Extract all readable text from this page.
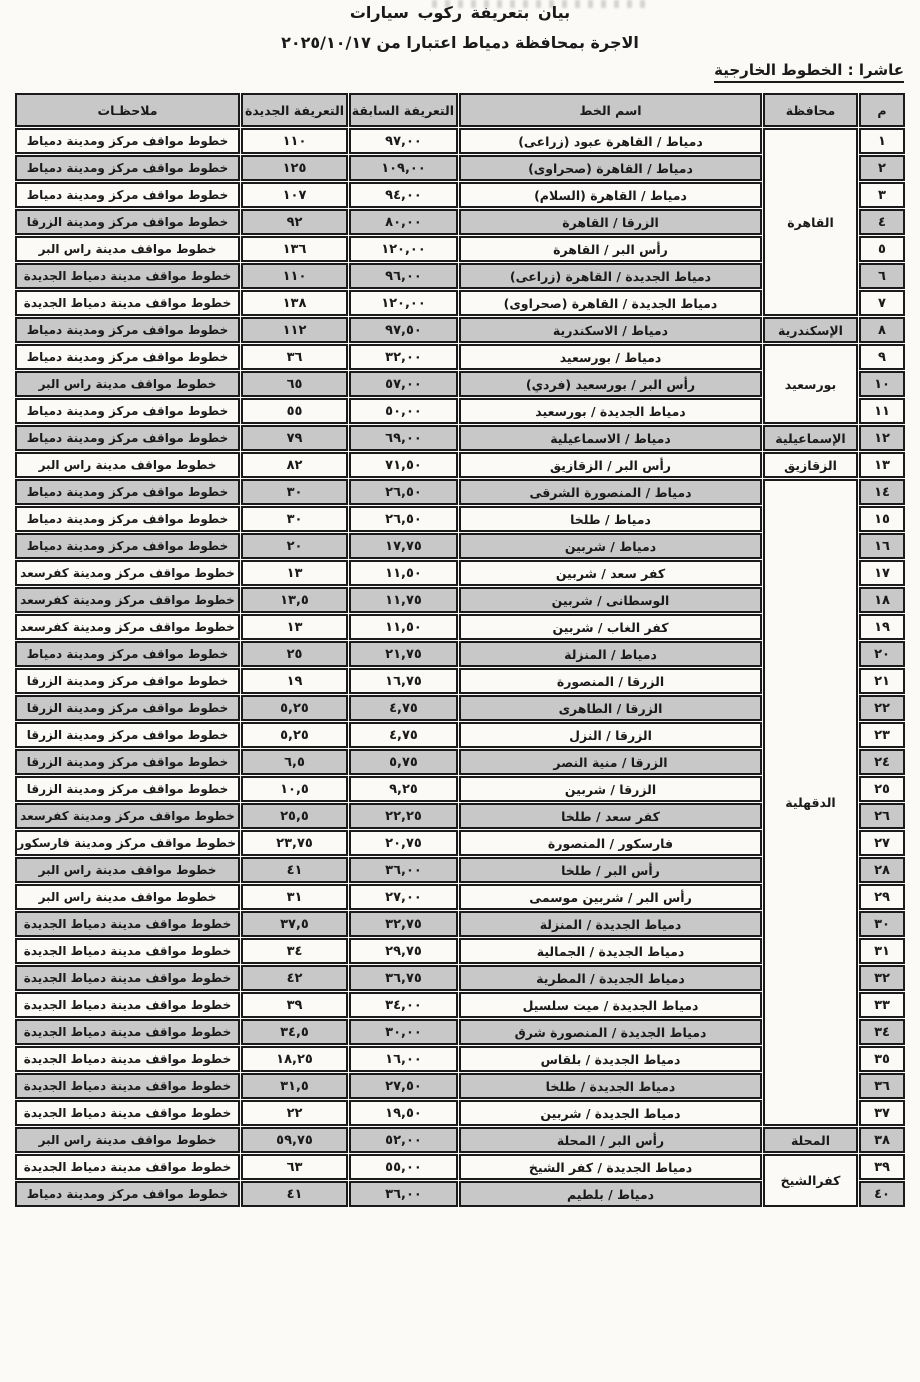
بيان بتعريفة ركوب سيارات
الاجرة بمحافظة دمياط اعتبارا من ٢٠٢٥/١٠/١٧
عاشرا : الخطوط الخارجية
م	محافظة	اسم الخط	التعريفة السابقة	التعريفة الجديدة	ملاحظـات
١	القاهرة	دمياط / القاهرة عبود (زراعى)	٩٧,٠٠	١١٠	خطوط مواقف مركز ومدينة دمياط
٢		دمياط / القاهرة (صحراوى)	١٠٩,٠٠	١٢٥	خطوط مواقف مركز ومدينة دمياط
٣		دمياط / القاهرة (السلام)	٩٤,٠٠	١٠٧	خطوط مواقف مركز ومدينة دمياط
٤		الزرقا / القاهرة	٨٠,٠٠	٩٢	خطوط مواقف مركز ومدينة الزرقا
٥		رأس البر / القاهرة	١٢٠,٠٠	١٣٦	خطوط مواقف مدينة راس البر
٦		دمياط الجديدة / القاهرة (زراعى)	٩٦,٠٠	١١٠	خطوط مواقف مدينة دمياط الجديدة
٧		دمياط الجديدة / القاهرة (صحراوى)	١٢٠,٠٠	١٣٨	خطوط مواقف مدينة دمياط الجديدة
٨	الإسكندرية	دمياط / الاسكندرية	٩٧,٥٠	١١٢	خطوط مواقف مركز ومدينة دمياط
٩	بورسعيد	دمياط / بورسعيد	٣٢,٠٠	٣٦	خطوط مواقف مركز ومدينة دمياط
١٠		رأس البر / بورسعيد (فردي)	٥٧,٠٠	٦٥	خطوط مواقف مدينة راس البر
١١		دمياط الجديدة / بورسعيد	٥٠,٠٠	٥٥	خطوط مواقف مركز ومدينة دمياط
١٢	الإسماعيلية	دمياط / الاسماعيلية	٦٩,٠٠	٧٩	خطوط مواقف مركز ومدينة دمياط
١٣	الزقازيق	رأس البر / الزقازيق	٧١,٥٠	٨٢	خطوط مواقف مدينة راس البر
١٤	الدقهلية	دمياط / المنصورة الشرقى	٢٦,٥٠	٣٠	خطوط مواقف مركز ومدينة دمياط
١٥		دمياط / طلخا	٢٦,٥٠	٣٠	خطوط مواقف مركز ومدينة دمياط
١٦		دمياط / شربين	١٧,٧٥	٢٠	خطوط مواقف مركز ومدينة دمياط
١٧		كفر سعد / شربين	١١,٥٠	١٣	خطوط مواقف مركز ومدينة كفرسعد
١٨		الوسطانى / شربين	١١,٧٥	١٣,٥	خطوط مواقف مركز ومدينة كفرسعد
١٩		كفر الغاب / شربين	١١,٥٠	١٣	خطوط مواقف مركز ومدينة كفرسعد
٢٠		دمياط / المنزلة	٢١,٧٥	٢٥	خطوط مواقف مركز ومدينة دمياط
٢١		الزرقا / المنصورة	١٦,٧٥	١٩	خطوط مواقف مركز ومدينة الزرقا
٢٢		الزرقا / الطاهرى	٤,٧٥	٥,٢٥	خطوط مواقف مركز ومدينة الزرقا
٢٣		الزرقا / النزل	٤,٧٥	٥,٢٥	خطوط مواقف مركز ومدينة الزرقا
٢٤		الزرقا / منية النصر	٥,٧٥	٦,٥	خطوط مواقف مركز ومدينة الزرقا
٢٥		الزرقا / شربين	٩,٢٥	١٠,٥	خطوط مواقف مركز ومدينة الزرقا
٢٦		كفر سعد / طلخا	٢٢,٢٥	٢٥,٥	خطوط مواقف مركز ومدينة كفرسعد
٢٧		فارسكور / المنصورة	٢٠,٧٥	٢٣,٧٥	خطوط مواقف مركز ومدينة فارسكور
٢٨		رأس البر / طلخا	٣٦,٠٠	٤١	خطوط مواقف مدينة راس البر
٢٩		رأس البر / شربين موسمى	٢٧,٠٠	٣١	خطوط مواقف مدينة راس البر
٣٠		دمياط الجديدة / المنزلة	٣٢,٧٥	٣٧,٥	خطوط مواقف مدينة دمياط الجديدة
٣١		دمياط الجديدة / الجمالية	٢٩,٧٥	٣٤	خطوط مواقف مدينة دمياط الجديدة
٣٢		دمياط الجديدة / المطرية	٣٦,٧٥	٤٢	خطوط مواقف مدينة دمياط الجديدة
٣٣		دمياط الجديدة / ميت سلسيل	٣٤,٠٠	٣٩	خطوط مواقف مدينة دمياط الجديدة
٣٤		دمياط الجديدة / المنصورة شرق	٣٠,٠٠	٣٤,٥	خطوط مواقف مدينة دمياط الجديدة
٣٥		دمياط الجديدة / بلقاس	١٦,٠٠	١٨,٢٥	خطوط مواقف مدينة دمياط الجديدة
٣٦		دمياط الجديدة / طلخا	٢٧,٥٠	٣١,٥	خطوط مواقف مدينة دمياط الجديدة
٣٧		دمياط الجديدة / شربين	١٩,٥٠	٢٢	خطوط مواقف مدينة دمياط الجديدة
٣٨	المحلة	رأس البر / المحلة	٥٢,٠٠	٥٩,٧٥	خطوط مواقف مدينة راس البر
٣٩	كفرالشيخ	دمياط الجديدة / كفر الشيخ	٥٥,٠٠	٦٣	خطوط مواقف مدينة دمياط الجديدة
٤٠		دمياط / بلطيم	٣٦,٠٠	٤١	خطوط مواقف مركز ومدينة دمياط
